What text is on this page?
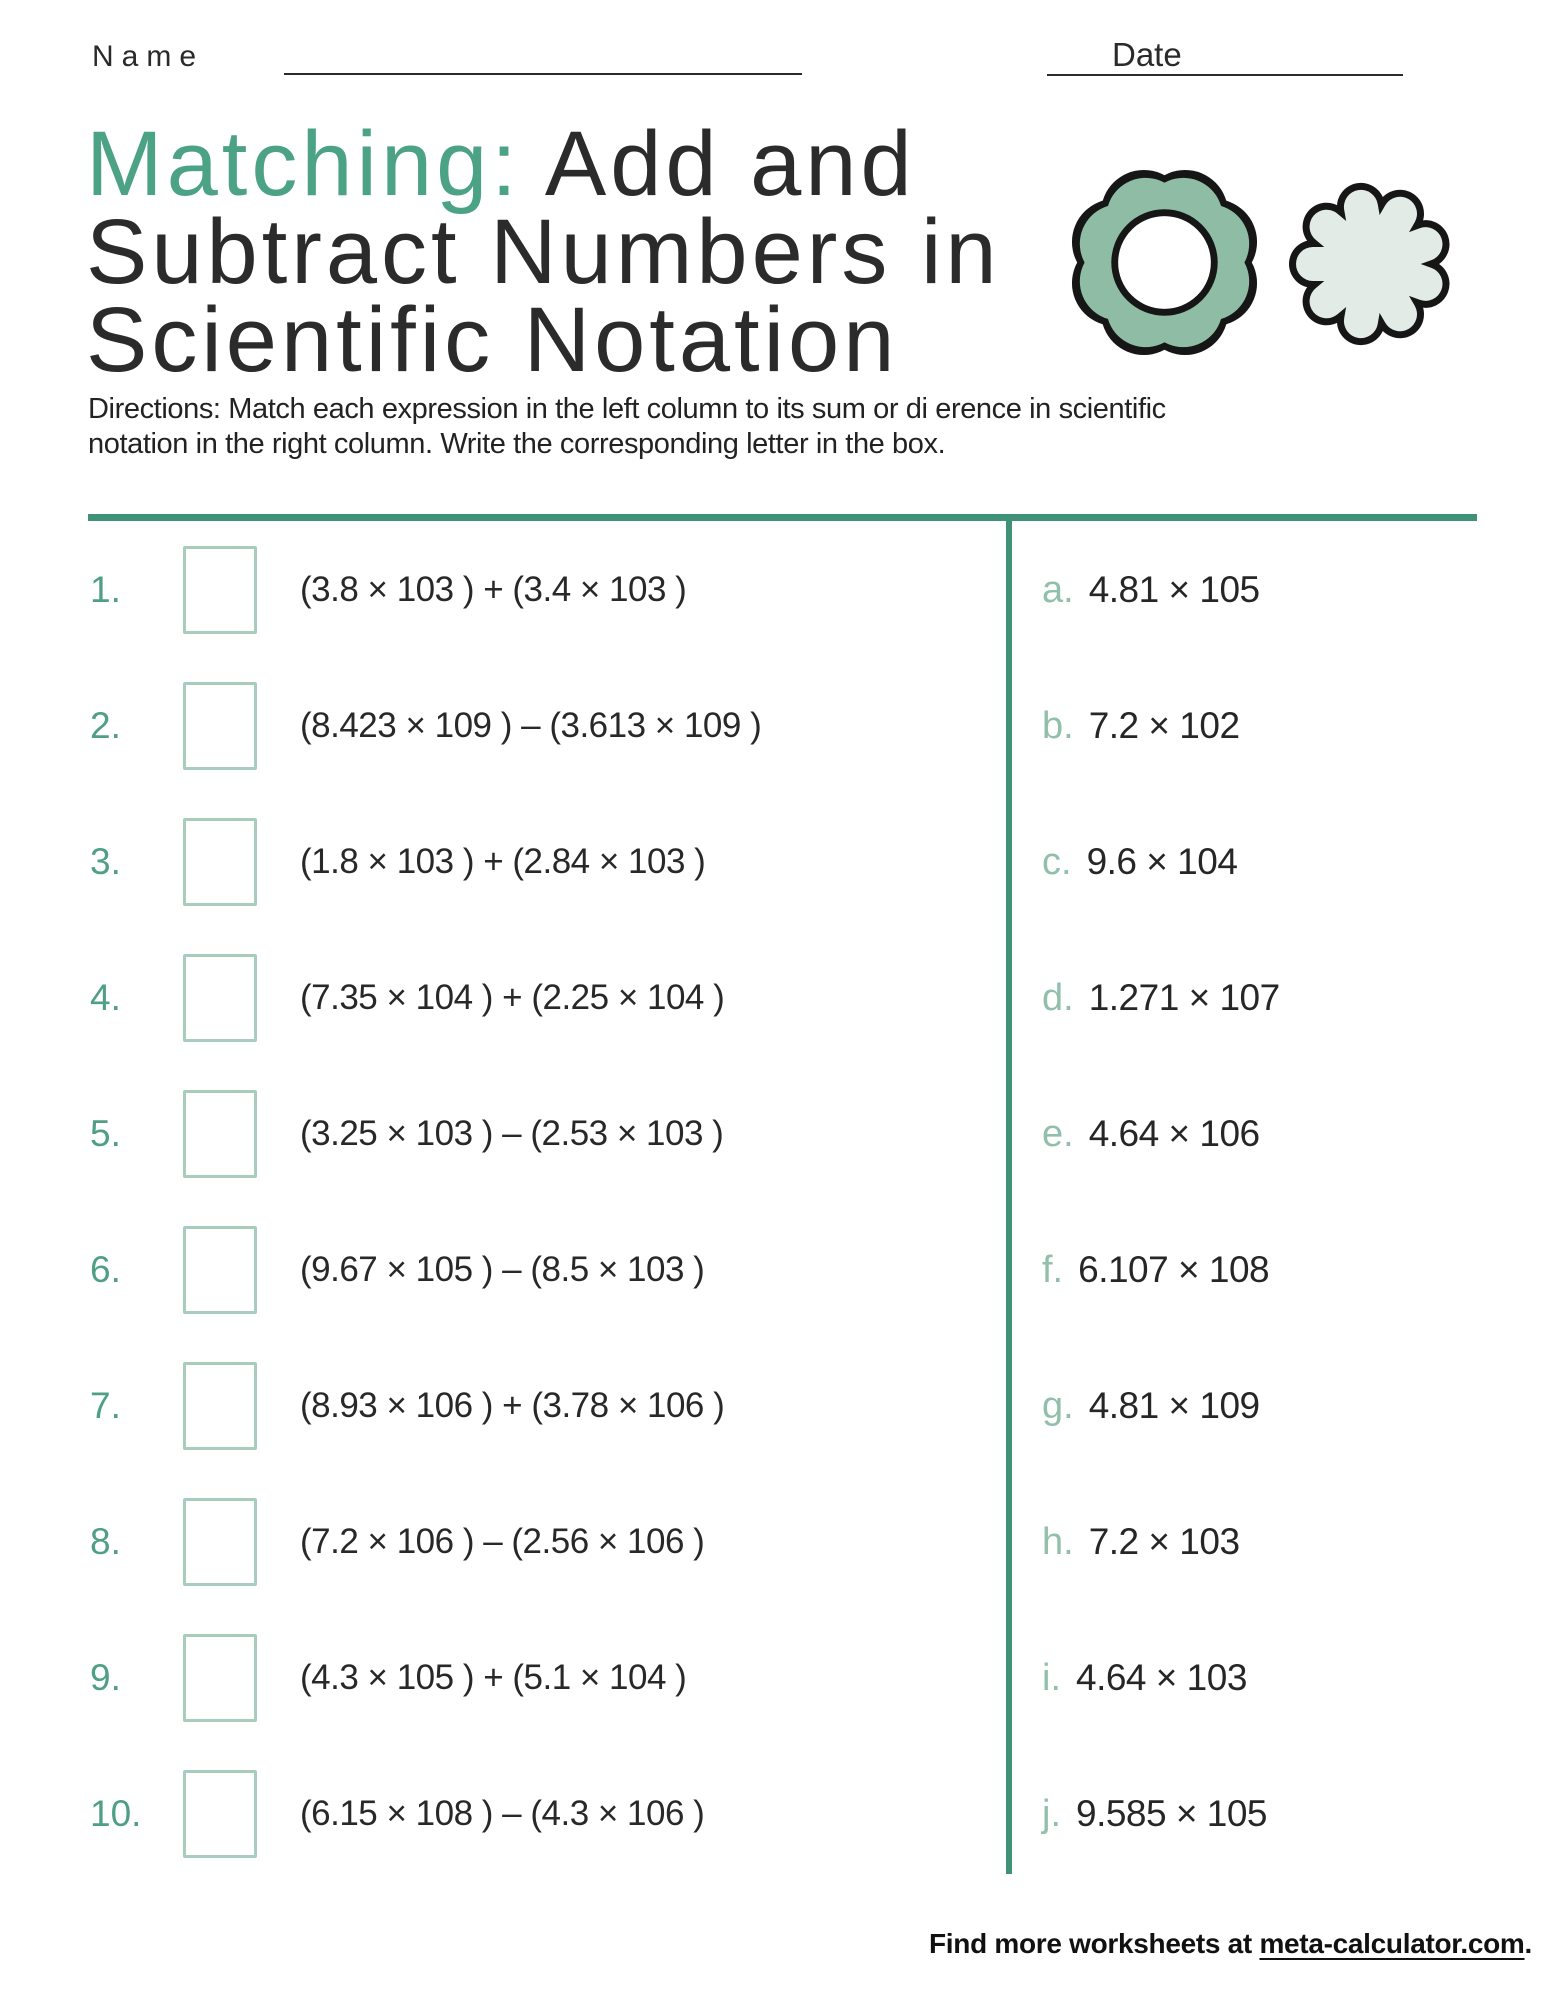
Name	Date
Matching: Add and
Subtract Numbers in
Scientific Notation
Directions: Match each expression in the left column to its sum or di erence in scientific
notation in the right column. Write the corresponding letter in the box.
1.	(3.8 × 103 ) + (3.4 × 103 )
2.	(8.423 × 109 ) – (3.613 × 109 )
3.	(1.8 × 103 ) + (2.84 × 103 )
4.	(7.35 × 104 ) + (2.25 × 104 )
5.	(3.25 × 103 ) – (2.53 × 103 )
6.	(9.67 × 105 ) – (8.5 × 103 )
7.	(8.93 × 106 ) + (3.78 × 106 )
8.	(7.2 × 106 ) – (2.56 × 106 )
9.	(4.3 × 105 ) + (5.1 × 104 )
10.	(6.15 × 108 ) – (4.3 × 106 )
a. 4.81 × 105
b. 7.2 × 102
c. 9.6 × 104
d. 1.271 × 107
e. 4.64 × 106
f. 6.107 × 108
g. 4.81 × 109
h. 7.2 × 103
i. 4.64 × 103
j. 9.585 × 105
Find more worksheets at meta-calculator.com.
